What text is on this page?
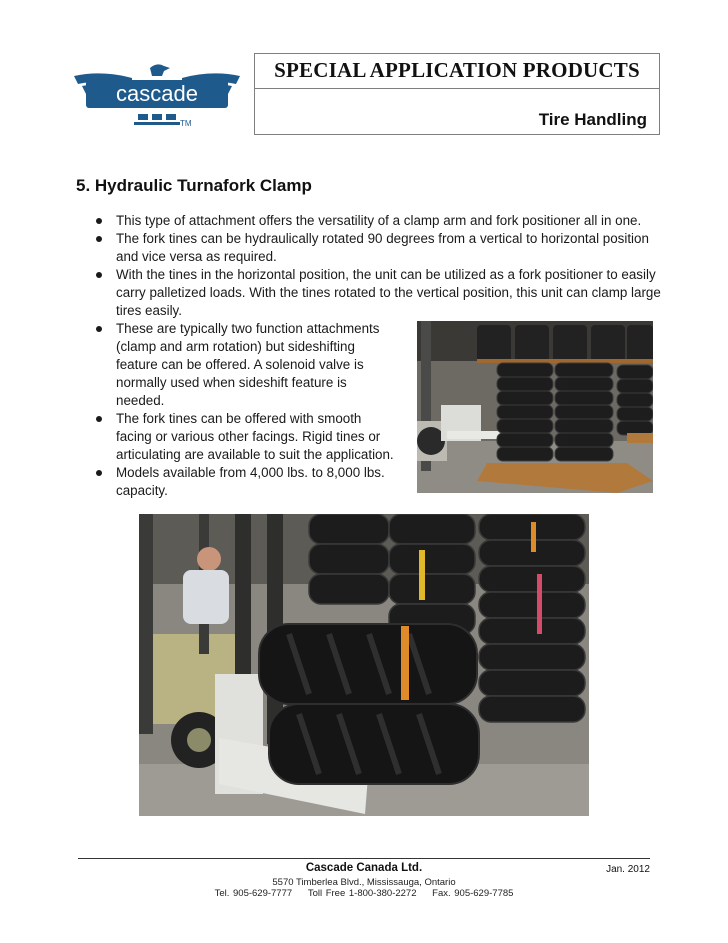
cascade
TM
SPECIAL APPLICATION PRODUCTS
Tire Handling
5. Hydraulic Turnafork Clamp
This type of attachment offers the versatility of a clamp arm and fork positioner all in one.
The fork tines can be hydraulically rotated 90 degrees from a vertical to horizontal position and vice versa as required.
With the tines in the horizontal position, the unit can be utilized as a fork positioner to easily carry palletized loads. With the tines rotated to the vertical position, this unit can clamp large tires easily.
These are typically two function attachments (clamp and arm rotation) but sideshifting feature can be offered. A solenoid valve is normally used when sideshift feature is needed.
The fork tines can be offered with smooth facing or various other facings. Rigid tines or articulating are available to suit the application.
Models available from 4,000 lbs. to 8,000 lbs. capacity.
Cascade Canada Ltd.	Jan. 2012
5570 Timberlea Blvd., Mississauga, Ontario
Tel. 905-629-7777 Toll Free 1-800-380-2272 Fax. 905-629-7785
